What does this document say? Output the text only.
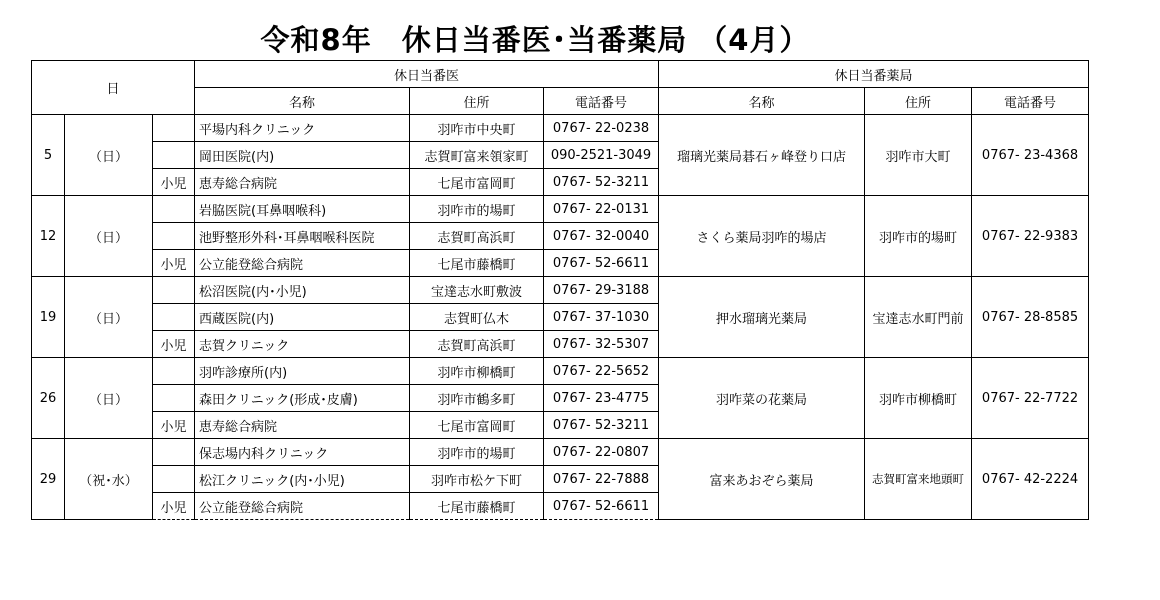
令和8年　休日当番医･当番薬局 （4月）
日			休日当番医			休日当番薬局		
			名称	住所	電話番号	名称	住所	電話番号
5	（日）		平場内科クリニック	羽咋市中央町	0767- 22-0238	瑠璃光薬局碁石ヶ峰登り口店	羽咋市大町	0767- 23-4368
			岡田医院(内)	志賀町富来領家町	090-2521-3049			
		小児	恵寿総合病院	七尾市富岡町	0767- 52-3211			
12	（日）		岩脇医院(耳鼻咽喉科)	羽咋市的場町	0767- 22-0131	さくら薬局羽咋的場店	羽咋市的場町	0767- 22-9383
			池野整形外科･耳鼻咽喉科医院	志賀町高浜町	0767- 32-0040			
		小児	公立能登総合病院	七尾市藤橋町	0767- 52-6611			
19	（日）		松沼医院(内･小児)	宝達志水町敷波	0767- 29-3188	押水瑠璃光薬局	宝達志水町門前	0767- 28-8585
			西蔵医院(内)	志賀町仏木	0767- 37-1030			
		小児	志賀クリニック	志賀町高浜町	0767- 32-5307			
26	（日）		羽咋診療所(内)	羽咋市柳橋町	0767- 22-5652	羽咋菜の花薬局	羽咋市柳橋町	0767- 22-7722
			森田クリニック(形成･皮膚)	羽咋市鶴多町	0767- 23-4775			
		小児	恵寿総合病院	七尾市富岡町	0767- 52-3211			
29	（祝･水）		保志場内科クリニック	羽咋市的場町	0767- 22-0807	富来あおぞら薬局	志賀町富来地頭町	0767- 42-2224
			松江クリニック(内･小児)	羽咋市松ケ下町	0767- 22-7888			
		小児	公立能登総合病院	七尾市藤橋町	0767- 52-6611			
